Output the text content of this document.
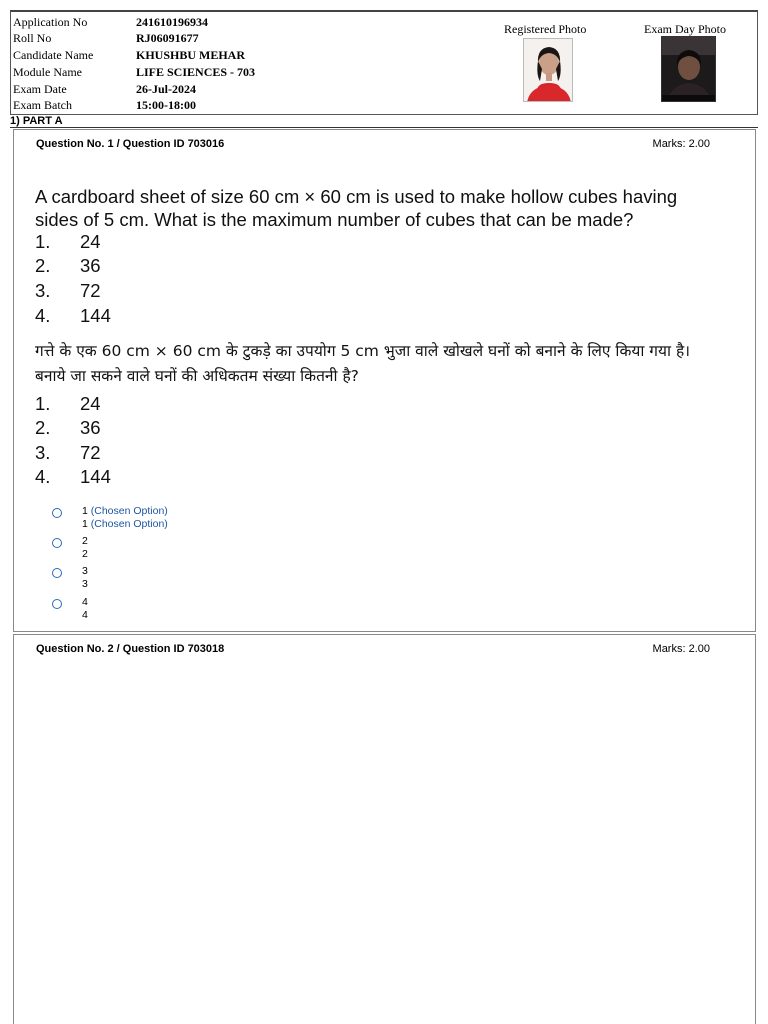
Application No	241610196934
Roll No	RJ06091677
Candidate Name	KHUSHBU MEHAR
Module Name	LIFE SCIENCES - 703
Exam Date	26-Jul-2024
Exam Batch	15:00-18:00
Registered Photo	Exam Day Photo
1) PART A
Question No. 1 / Question ID 703016	Marks: 2.00
A cardboard sheet of size 60 cm × 60 cm is used to make hollow cubes having
sides of 5 cm. What is the maximum number of cubes that can be made?
1. 24
2. 36
3. 72
4. 144
गत्ते के एक 60 cm × 60 cm के टुकड़े का उपयोग 5 cm भुजा वाले खोखले घनों को बनाने के लिए किया गया है।
बनाये जा सकने वाले घनों की अधिकतम संख्या कितनी है?
1. 24
2. 36
3. 72
4. 144
1 (Chosen Option)
1 (Chosen Option)
2
2
3
3
4
4
Question No. 2 / Question ID 703018	Marks: 2.00
